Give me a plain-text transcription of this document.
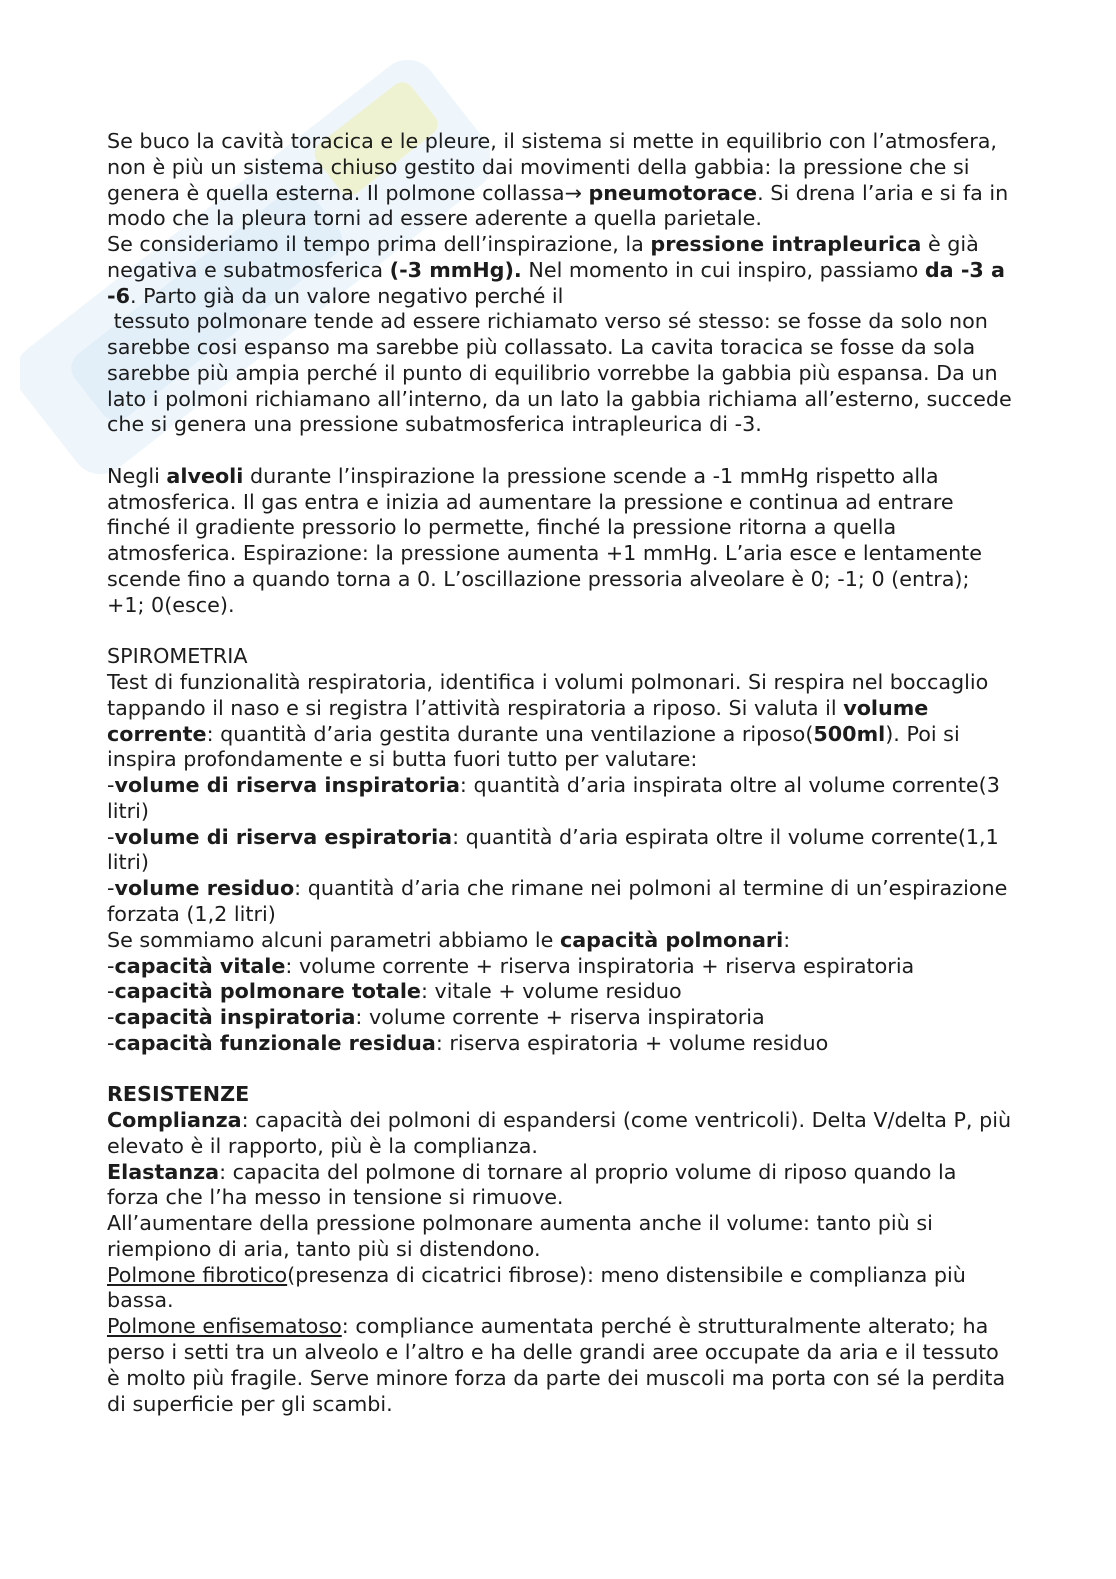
Se buco la cavità toracica e le pleure, il sistema si mette in equilibrio con l’atmosfera,
non è più un sistema chiuso gestito dai movimenti della gabbia: la pressione che si
genera è quella esterna. Il polmone collassa→ pneumotorace. Si drena l’aria e si fa in
modo che la pleura torni ad essere aderente a quella parietale.
Se consideriamo il tempo prima dell’inspirazione, la pressione intrapleurica è già
negativa e subatmosferica (-3 mmHg). Nel momento in cui inspiro, passiamo da -3 a
-6. Parto già da un valore negativo perché il
tessuto polmonare tende ad essere richiamato verso sé stesso: se fosse da solo non
sarebbe cosi espanso ma sarebbe più collassato. La cavita toracica se fosse da sola
sarebbe più ampia perché il punto di equilibrio vorrebbe la gabbia più espansa. Da un
lato i polmoni richiamano all’interno, da un lato la gabbia richiama all’esterno, succede
che si genera una pressione subatmosferica intrapleurica di -3.
Negli alveoli durante l’inspirazione la pressione scende a -1 mmHg rispetto alla
atmosferica. Il gas entra e inizia ad aumentare la pressione e continua ad entrare
finché il gradiente pressorio lo permette, finché la pressione ritorna a quella
atmosferica. Espirazione: la pressione aumenta +1 mmHg. L’aria esce e lentamente
scende fino a quando torna a 0. L’oscillazione pressoria alveolare è 0; -1; 0 (entra);
+1; 0(esce).
SPIROMETRIA
Test di funzionalità respiratoria, identifica i volumi polmonari. Si respira nel boccaglio
tappando il naso e si registra l’attività respiratoria a riposo. Si valuta il volume
corrente: quantità d’aria gestita durante una ventilazione a riposo(500ml). Poi si
inspira profondamente e si butta fuori tutto per valutare:
-volume di riserva inspiratoria: quantità d’aria inspirata oltre al volume corrente(3
litri)
-volume di riserva espiratoria: quantità d’aria espirata oltre il volume corrente(1,1
litri)
-volume residuo: quantità d’aria che rimane nei polmoni al termine di un’espirazione
forzata (1,2 litri)
Se sommiamo alcuni parametri abbiamo le capacità polmonari:
-capacità vitale: volume corrente + riserva inspiratoria + riserva espiratoria
-capacità polmonare totale: vitale + volume residuo
-capacità inspiratoria: volume corrente + riserva inspiratoria
-capacità funzionale residua: riserva espiratoria + volume residuo
RESISTENZE
Complianza: capacità dei polmoni di espandersi (come ventricoli). Delta V/delta P, più
elevato è il rapporto, più è la complianza.
Elastanza: capacita del polmone di tornare al proprio volume di riposo quando la
forza che l’ha messo in tensione si rimuove.
All’aumentare della pressione polmonare aumenta anche il volume: tanto più si
riempiono di aria, tanto più si distendono.
Polmone fibrotico(presenza di cicatrici fibrose): meno distensibile e complianza più
bassa.
Polmone enfisematoso: compliance aumentata perché è strutturalmente alterato; ha
perso i setti tra un alveolo e l’altro e ha delle grandi aree occupate da aria e il tessuto
è molto più fragile. Serve minore forza da parte dei muscoli ma porta con sé la perdita
di superficie per gli scambi.
